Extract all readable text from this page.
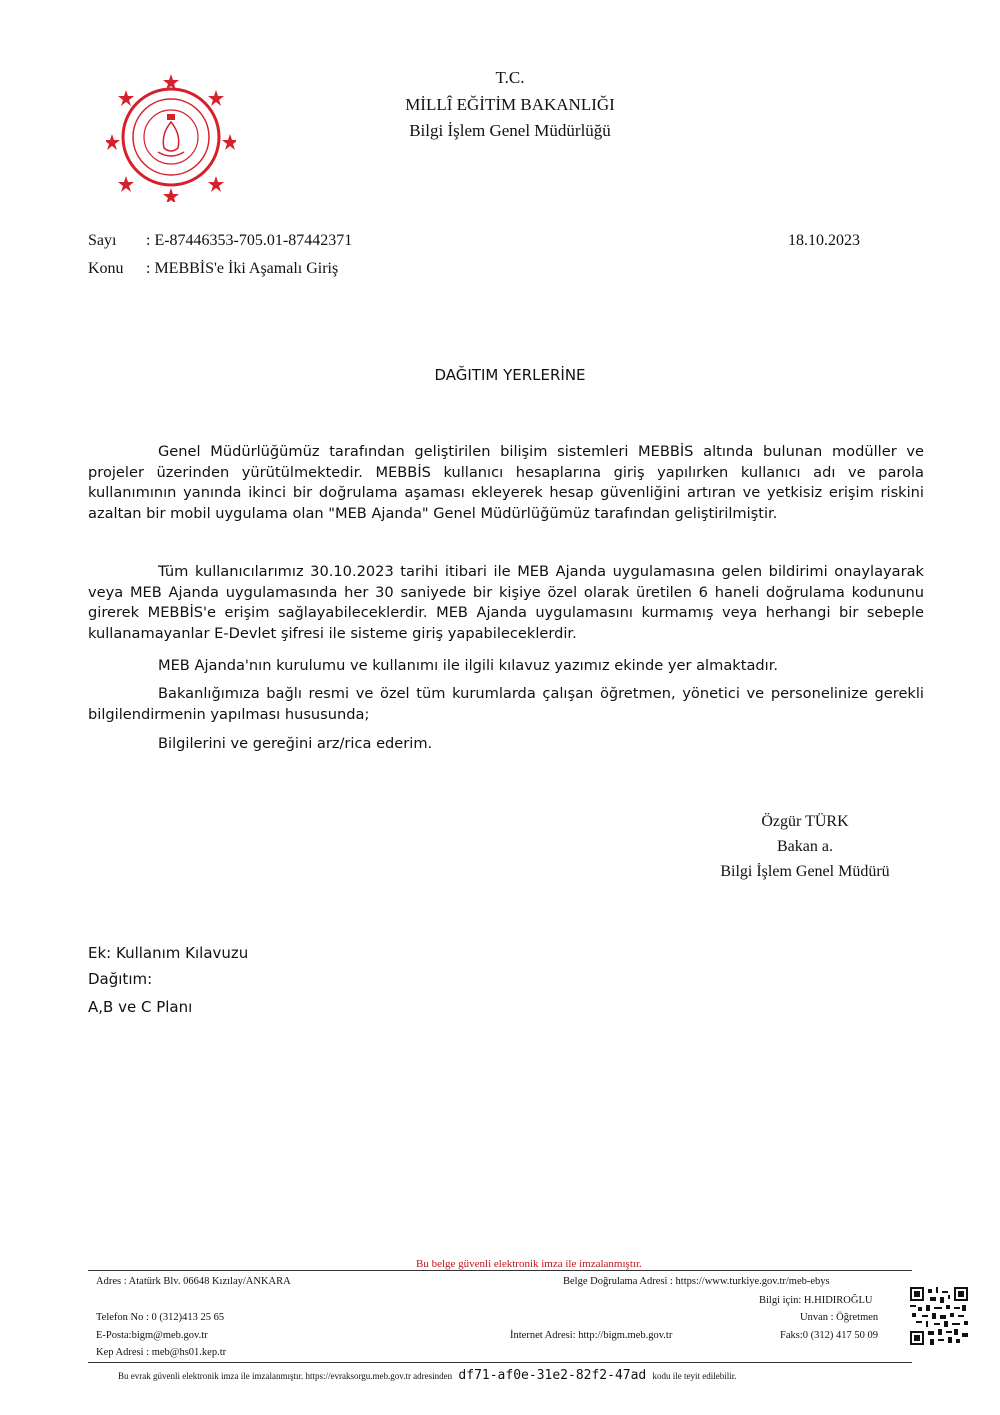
T.C.
MİLLÎ EĞİTİM BAKANLIĞI
Bilgi İşlem Genel Müdürlüğü
Sayı : E-87446353-705.01-87442371	18.10.2023
Konu : MEBBİS'e İki Aşamalı Giriş
DAĞITIM YERLERİNE
Genel Müdürlüğümüz tarafından geliştirilen bilişim sistemleri MEBBİS altında bulunan modüller ve projeler üzerinden yürütülmektedir. MEBBİS kullanıcı hesaplarına giriş yapılırken kullanıcı adı ve parola kullanımının yanında ikinci bir doğrulama aşaması ekleyerek hesap güvenliğini artıran ve yetkisiz erişim riskini azaltan bir mobil uygulama olan "MEB Ajanda" Genel Müdürlüğümüz tarafından geliştirilmiştir.
Tüm kullanıcılarımız 30.10.2023 tarihi itibari ile MEB Ajanda uygulamasına gelen bildirimi onaylayarak veya MEB Ajanda uygulamasında her 30 saniyede bir kişiye özel olarak üretilen 6 haneli doğrulama kodununu girerek MEBBİS'e erişim sağlayabileceklerdir. MEB Ajanda uygulamasını kurmamış veya herhangi bir sebeple kullanamayanlar E-Devlet şifresi ile sisteme giriş yapabileceklerdir.
MEB Ajanda'nın kurulumu ve kullanımı ile ilgili kılavuz yazımız ekinde yer almaktadır.
Bakanlığımıza bağlı resmi ve özel tüm kurumlarda çalışan öğretmen, yönetici ve personelinize gerekli bilgilendirmenin yapılması hususunda;
Bilgilerini ve gereğini arz/rica ederim.
Özgür TÜRK
Bakan a.
Bilgi İşlem Genel Müdürü
Ek: Kullanım Kılavuzu
Dağıtım:
A,B ve C Planı
Bu belge güvenli elektronik imza ile imzalanmıştır.
Adres : Atatürk Blv. 06648 Kızılay/ANKARA	Belge Doğrulama Adresi : https://www.turkiye.gov.tr/meb-ebys
Bilgi için: H.HIDIROĞLU
Telefon No : 0 (312)413 25 65	Unvan : Öğretmen
E-Posta:bigm@meb.gov.tr	İnternet Adresi: http://bigm.meb.gov.tr	Faks:0 (312) 417 50 09
Kep Adresi : meb@hs01.kep.tr
Bu evrak güvenli elektronik imza ile imzalanmıştır. https://evraksorgu.meb.gov.tr adresinden df71-af0e-31e2-82f2-47ad kodu ile teyit edilebilir.
